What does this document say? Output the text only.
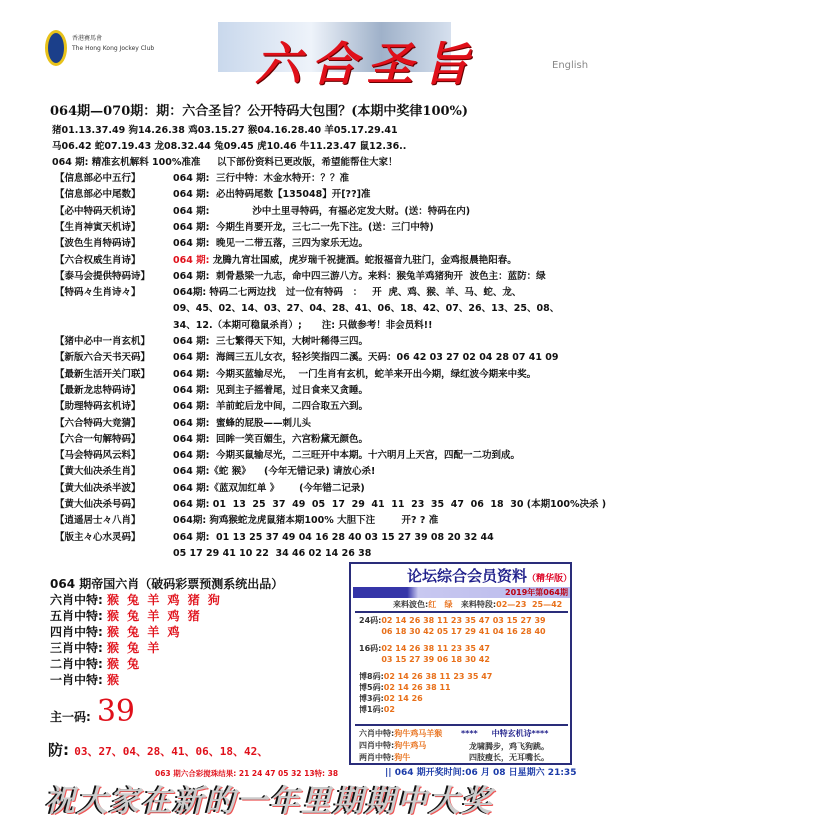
香港賽馬會
The Hong Kong Jockey Club 六合圣旨	English
064期—070期：期：六合圣旨？公开特码大包围？(本期中奖律100%)
猪01.13.37.49 狗14.26.38 鸡03.15.27 猴04.16.28.40 羊05.17.29.41
马06.42 蛇07.19.43 龙08.32.44 兔09.45 虎10.46 牛11.23.47 鼠12.36..
064 期: 精准玄机解料 100%准准     以下部份资料已更改版，希望能帮住大家！
【信息部必中五行】	064 期:  三行中特：木金水特开：？？准
【信息部必中尾数】	064 期:  必出特码尾数【135048】开[??]准
【必中特码天机诗】	064 期:             沙中土里寻特码，有福必定发大财。(送：特码在内)
【生肖神寅天机诗】	064 期:  今期生肖要开龙，三七二一先下注。(送：三门中特)
【波色生肖特码诗】	064 期:  晚见一二带五落，三四为家乐无边。
【六合权威生肖诗】	064 期: 龙腾九宵壮国威，虎岁瑞千祝捷酒。蛇报福音九驻门，金鸡报晨艳阳春。
【泰马会提供特码诗】 064 期:  刺骨悬梁一九志，命中四三游八方。来料：猴兔羊鸡猪狗开  波色主：蓝防：绿
【特码々生肖诗々】	064期: 特码二七两边找   过一位有特码   ：   开  虎、鸡、猴、羊、马、蛇、龙、
09、45、02、14、03、27、04、28、41、06、18、42、07、26、13、25、08、
34、12.（本期可稳鼠杀肖）;      注: 只做参考！非会员料!!
【猪中必中一肖玄机】 064 期:  三七繁得天下知，大树叶稀得三四。
【新版六合天书天码】 064 期:  海阔三五儿女衣，轻衫笑指四二溪。天码：06 42 03 27 02 04 28 07 41 09
【最新生活开关门联】 064 期:  今期买蓝输尽光，  一门生肖有玄机，蛇羊来开出今期，绿红波今期来中奖。
【最新龙忠特码诗】	064 期:  见到主子摇着尾，过日食来又贪睡。
【助理特码玄机诗】	064 期:  羊前蛇后龙中间，二四合取五六到。
【六合特码大竞猜】	064 期:  蜜蜂的屁股——刺儿头
【六合一句解特码】	064 期:  回眸一笑百媚生，六宫粉黛无颜色。
【马会特码风云料】	064 期:  今期买鼠输尽光，二三旺开中本期。十六明月上天宫，四配一二功到成。
【黄大仙决杀生肖】	064 期:《蛇 猴》    (今年无错记录) 请放心杀!
【黄大仙决杀半波】	064 期:《蓝双加红单 》      (今年错二记录)
【黄大仙决杀号码】	064 期: 01  13  25  37  49  05  17  29  41  11  23  35  47  06  18  30 (本期100%决杀 )
【逍遥居士々八肖】	064期: 狗鸡猴蛇龙虎鼠猪本期100% 大胆下注        开? ? 准
【版主々心水灵码】	064 期:  01 13 25 37 49 04 16 28 40 03 15 27 39 08 20 32 44
05 17 29 41 10 22  34 46 02 14 26 38
064 期帝国六肖（破码彩票预测系统出品）
六肖中特: 猴 兔 羊 鸡 猪 狗
五肖中特: 猴 兔 羊 鸡 猪
四肖中特: 猴 兔 羊 鸡
三肖中特: 猴 兔 羊
二肖中特: 猴 兔
一肖中特: 猴
主一码: 39
防: 03、27、04、28、41、06、18、42、
论坛综合会员资料（精华版）
2019年第064期
来料波色:红   绿 来料特段:02—23  25—42
24码:02 14 26 38 11 23 35 47 03 15 27 39
06 18 30 42 05 17 29 41 04 16 28 40
16码:02 14 26 38 11 23 35 47
03 15 27 39 06 18 30 42
博8码:02 14 26 38 11 23 35 47
博5码:02 14 26 38 11
博3码:02 14 26
博1码:02
六肖中特:狗牛鸡马羊猴
四肖中特:狗牛鸡马
两肖中特:狗牛
****     中特玄机诗****
龙啸腾步，鸡飞狗跳。
四肢瘦长，无耳嘴长。
063 期六合彩搅珠结果: 21 24 47 05 32 13特: 38	|| 064 期开奖时间:06 月 08 日星期六 21:35
祝大家在新的一年里期期中大奖
